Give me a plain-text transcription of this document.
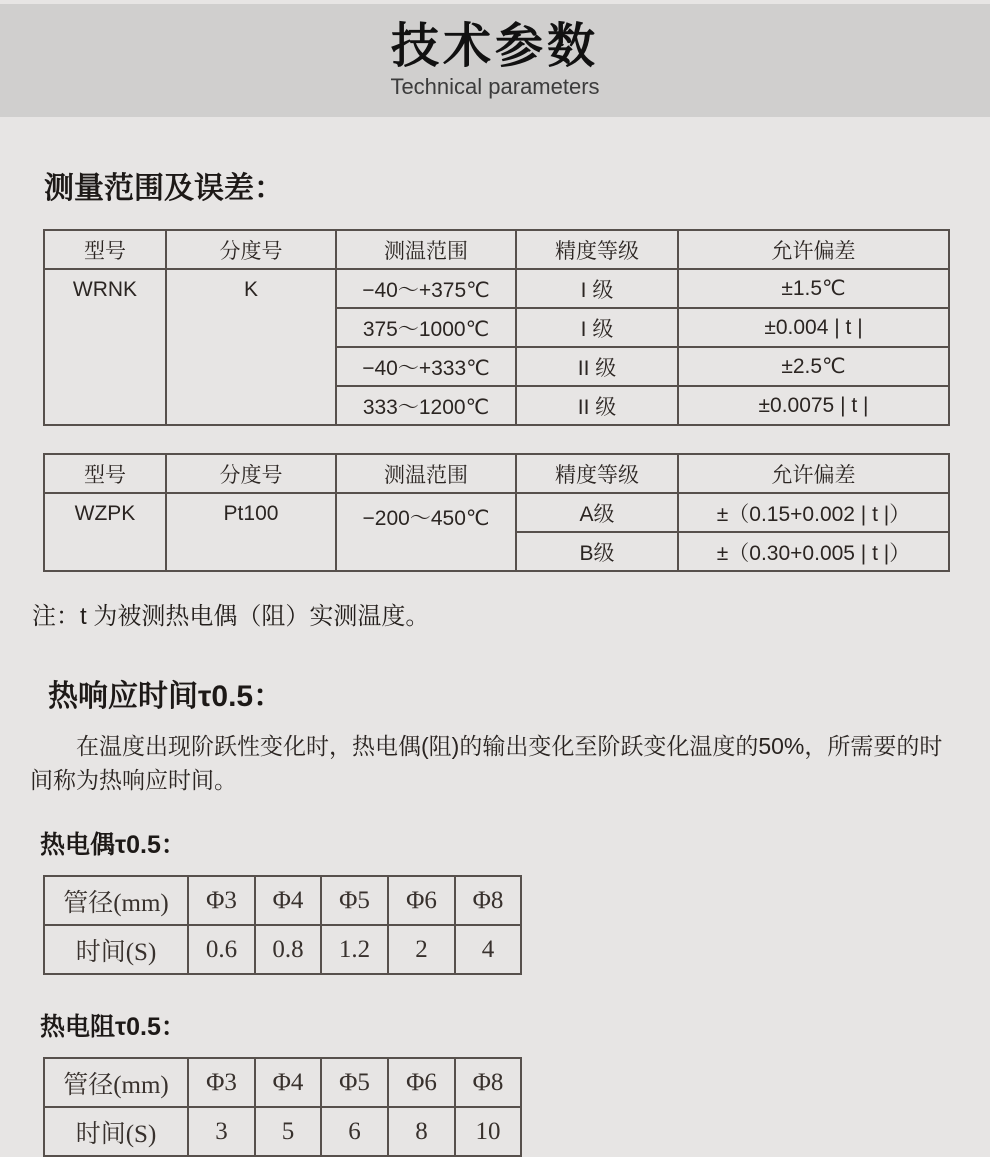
技术参数
Technical parameters
测量范围及误差：
型号	分度号	测温范围	精度等级	允许偏差
WRNK	K	−40～+375℃	I 级	±1.5℃
		375～1000℃	I 级	±0.004 | t |
		−40～+333℃	II 级	±2.5℃
		333～1200℃	II 级	±0.0075 | t |
型号	分度号	测温范围	精度等级	允许偏差
WZPK	Pt100	−200～450℃	A级	±（0.15+0.002 | t |）
			B级	±（0.30+0.005 | t |）
注：t 为被测热电偶（阻）实测温度。
热响应时间τ0.5：

在温度出现阶跃性变化时，热电偶(阻)的输出变化至阶跃变化温度的50%，所需要的时间称为热响应时间。

热电偶τ0.5：
管径(mm)	Φ3	Φ4	Φ5	Φ6	Φ8
时间(S)	0.6	0.8	1.2	2	4
热电阻τ0.5：
管径(mm)	Φ3	Φ4	Φ5	Φ6	Φ8
时间(S)	3	5	6	8	10
